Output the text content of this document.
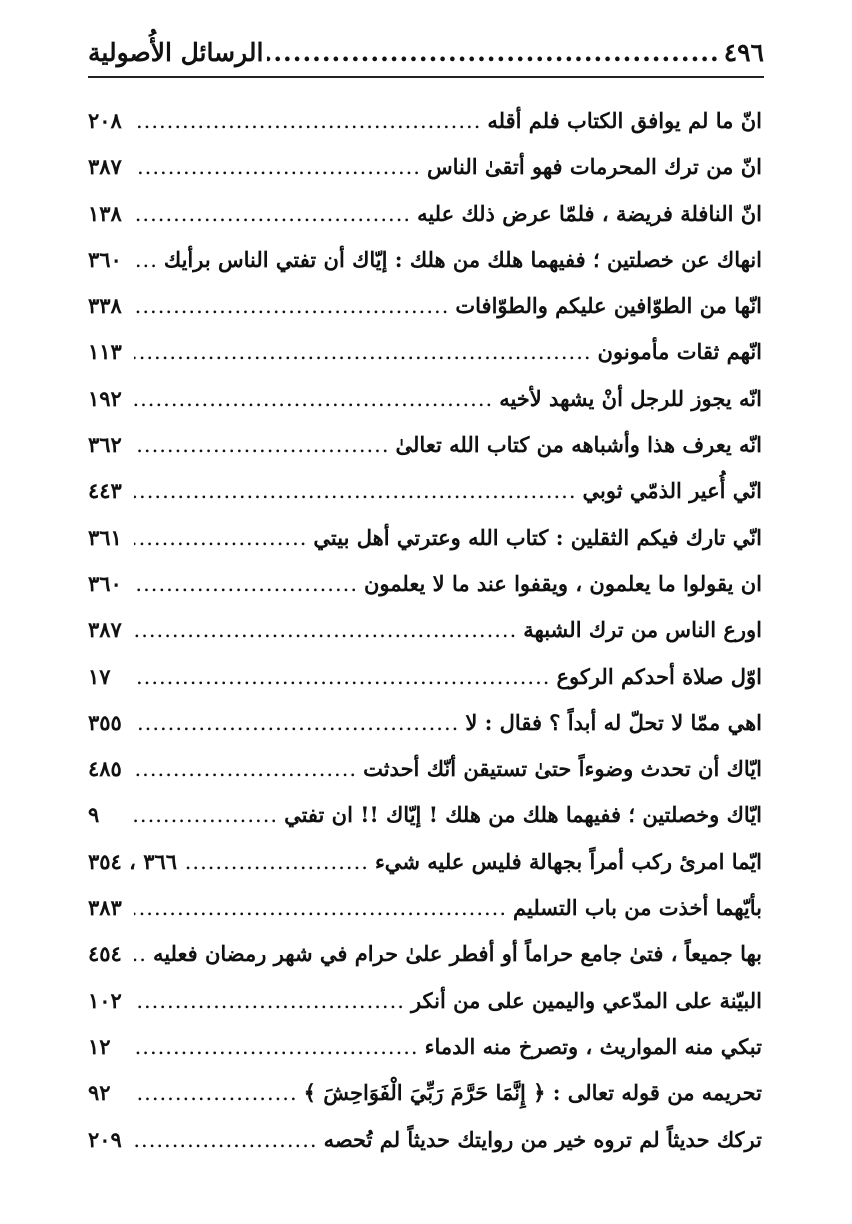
٤٩٦
.....
الرسائل الأُصولية
انّ ما لم يوافق الكتاب فلم أقله
.....
٢٠٨
انّ من ترك المحرمات فهو أتقىٰ الناس
.....
٣٨٧
انّ النافلة فريضة ، فلمّا عرض ذلك عليه
.....
١٣٨
انهاك عن خصلتين ؛ ففيهما هلك من هلك : إيّاك أن تفتي الناس برأيك
.....
٣٦٠
انّها من الطوّافين عليكم والطوّافات
.....
٣٣٨
انّهم ثقات مأمونون
.....
١١٣
انّه يجوز للرجل أنْ يشهد لأخيه
.....
١٩٢
انّه يعرف هذا وأشباهه من كتاب الله تعالىٰ
.....
٣٦٢
انّي أُعير الذمّي ثوبي
.....
٤٤٣
انّي تارك فيكم الثقلين : كتاب الله وعترتي أهل بيتي
.....
٣٦١
ان يقولوا ما يعلمون ، ويقفوا عند ما لا يعلمون
.....
٣٦٠
اورع الناس من ترك الشبهة
.....
٣٨٧
اوّل صلاة أحدكم الركوع
.....
١٧
اهي ممّا لا تحلّ له أبداً ؟ فقال : لا
.....
٣٥٥
ايّاك أن تحدث وضوءاً حتىٰ تستيقن أنّك أحدثت
.....
٤٨٥
ايّاك وخصلتين ؛ ففيهما هلك من هلك ! إيّاك !! ان تفتي
.....
٩
ايّما امرئ ركب أمراً بجهالة فليس عليه شيء
.....
٣٦٦ ، ٣٥٤
بأيّهما أخذت من باب التسليم
.....
٣٨٣
بها جميعاً ، فتىٰ جامع حراماً أو أفطر علىٰ حرام في شهر رمضان فعليه
.....
٤٥٤
البيّنة على المدّعي واليمين على من أنكر
.....
١٠٢
تبكي منه المواريث ، وتصرخ منه الدماء
.....
١٢
تحريمه من قوله تعالى : ﴿ إِنَّمَا حَرَّمَ رَبِّيَ الْفَوَاحِشَ ﴾
.....
٩٢
تركك حديثاً لم تروه خير من روايتك حديثاً لم تُحصه
.....
٢٠٩
